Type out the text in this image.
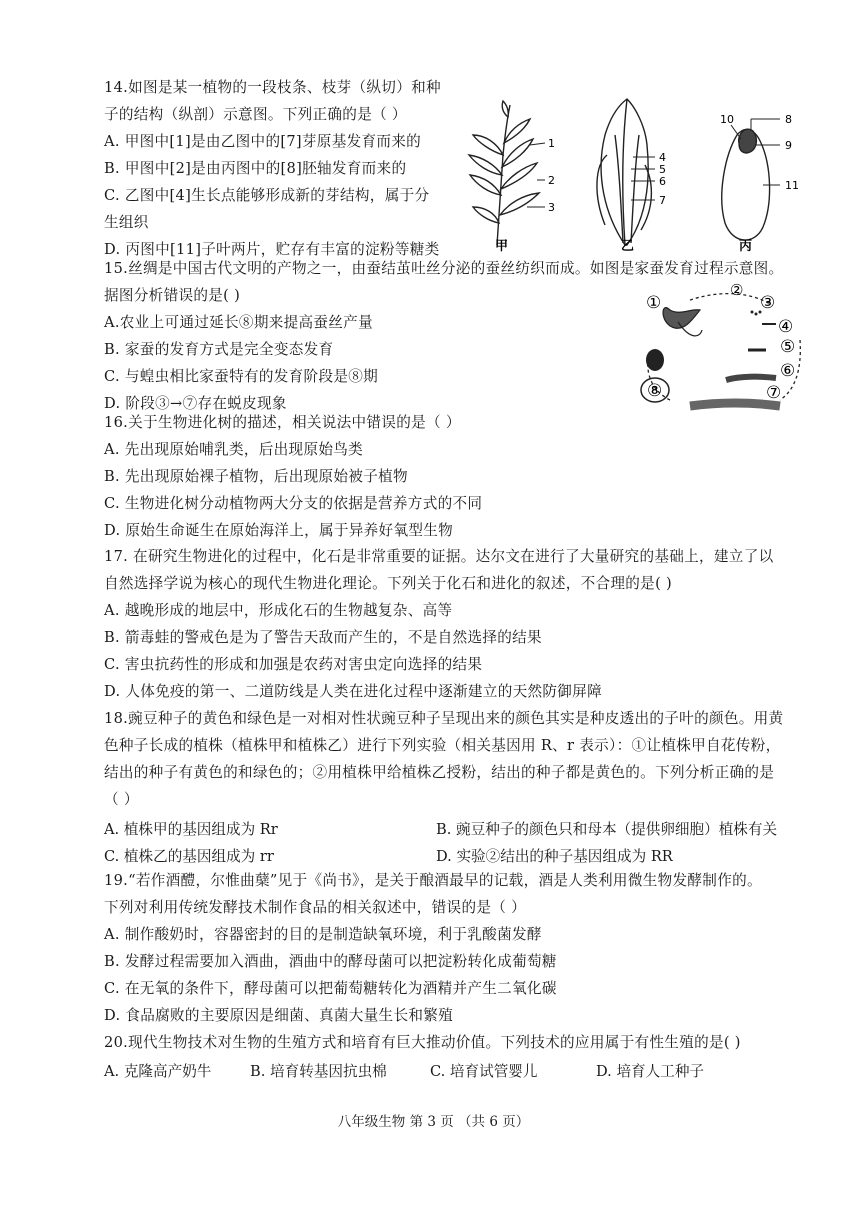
14.如图是某一植物的一段枝条、枝芽（纵切）和种
子的结构（纵剖）示意图。下列正确的是（ ）
A. 甲图中[1]是由乙图中的[7]芽原基发育而来的
B. 甲图中[2]是由丙图中的[8]胚轴发育而来的
C. 乙图中[4]生长点能够形成新的芽结构，属于分
生组织
D. 丙图中[11]子叶两片，贮存有丰富的淀粉等糖类
1
2
3
4
5
6
7
8
9
10
11
甲	乙	丙
15.丝绸是中国古代文明的产物之一，由蚕结茧吐丝分泌的蚕丝纺织而成。如图是家蚕发育过程示意图。
据图分析错误的是( )
A.农业上可通过延长⑧期来提高蚕丝产量
B. 家蚕的发育方式是完全变态发育
C. 与蝗虫相比家蚕特有的发育阶段是⑧期
D. 阶段③→⑦存在蜕皮现象
①
②
③
④
⑤
⑥
⑦
⑧
16.关于生物进化树的描述，相关说法中错误的是（ ）
A. 先出现原始哺乳类，后出现原始鸟类
B. 先出现原始裸子植物，后出现原始被子植物
C. 生物进化树分动植物两大分支的依据是营养方式的不同
D. 原始生命诞生在原始海洋上，属于异养好氧型生物
17. 在研究生物进化的过程中，化石是非常重要的证据。达尔文在进行了大量研究的基础上，建立了以
自然选择学说为核心的现代生物进化理论。下列关于化石和进化的叙述，不合理的是( )
A. 越晚形成的地层中，形成化石的生物越复杂、高等
B. 箭毒蛙的警戒色是为了警告天敌而产生的，不是自然选择的结果
C. 害虫抗药性的形成和加强是农药对害虫定向选择的结果
D. 人体免疫的第一、二道防线是人类在进化过程中逐渐建立的天然防御屏障
18.豌豆种子的黄色和绿色是一对相对性状豌豆种子呈现出来的颜色其实是种皮透出的子叶的颜色。用黄
色种子长成的植株（植株甲和植株乙）进行下列实验（相关基因用 R、r 表示）：①让植株甲自花传粉，
结出的种子有黄色的和绿色的；②用植株甲给植株乙授粉，结出的种子都是黄色的。下列分析正确的是
（ ）
A. 植株甲的基因组成为 Rr	B. 豌豆种子的颜色只和母本（提供卵细胞）植株有关
C. 植株乙的基因组成为 rr	D. 实验②结出的种子基因组成为 RR
19.“若作酒醴，尔惟曲蘖”见于《尚书》，是关于酿酒最早的记载，酒是人类利用微生物发酵制作的。
下列对利用传统发酵技术制作食品的相关叙述中，错误的是（ ）
A. 制作酸奶时，容器密封的目的是制造缺氧环境，利于乳酸菌发酵
B. 发酵过程需要加入酒曲，酒曲中的酵母菌可以把淀粉转化成葡萄糖
C. 在无氧的条件下，酵母菌可以把葡萄糖转化为酒精并产生二氧化碳
D. 食品腐败的主要原因是细菌、真菌大量生长和繁殖
20.现代生物技术对生物的生殖方式和培育有巨大推动价值。下列技术的应用属于有性生殖的是( )
A. 克隆高产奶牛	B. 培育转基因抗虫棉	C. 培育试管婴儿	D. 培育人工种子
八年级生物 第 3 页 （共 6 页）
